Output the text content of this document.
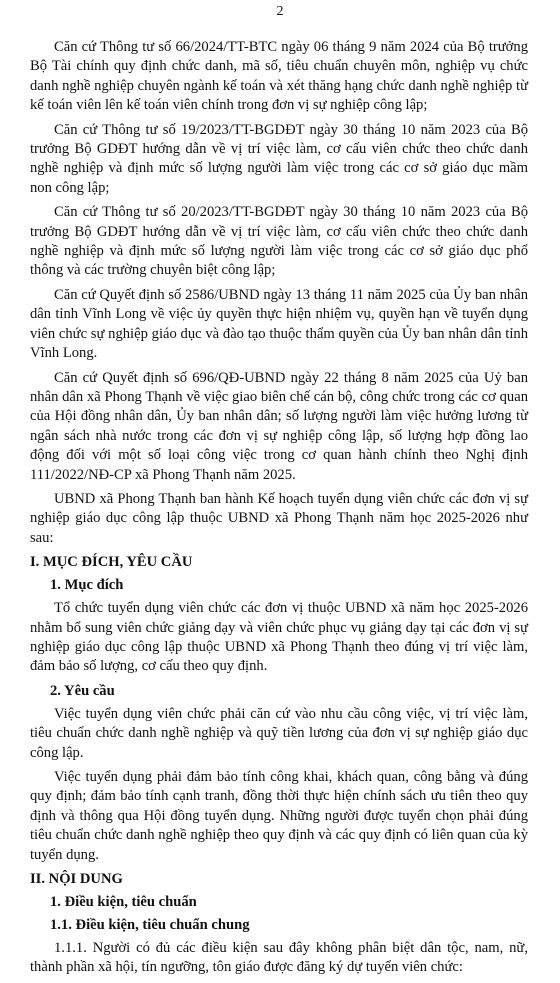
2

Căn cứ Thông tư số 66/2024/TT-BTC ngày 06 tháng 9 năm 2024 của Bộ trưởng Bộ Tài chính quy định chức danh, mã số, tiêu chuẩn chuyên môn, nghiệp vụ chức danh nghề nghiệp chuyên ngành kế toán và xét thăng hạng chức danh nghề nghiệp từ kế toán viên lên kế toán viên chính trong đơn vị sự nghiệp công lập;

Căn cứ Thông tư số 19/2023/TT-BGDĐT ngày 30 tháng 10 năm 2023 của Bộ trưởng Bộ GDĐT hướng dẫn về vị trí việc làm, cơ cấu viên chức theo chức danh nghề nghiệp và định mức số lượng người làm việc trong các cơ sở giáo dục mầm non công lập;

Căn cứ Thông tư số 20/2023/TT-BGDĐT ngày 30 tháng 10 năm 2023 của Bộ trưởng Bộ GDĐT hướng dẫn về vị trí việc làm, cơ cấu viên chức theo chức danh nghề nghiệp và định mức số lượng người làm việc trong các cơ sở giáo dục phổ thông và các trường chuyên biệt công lập;

Căn cứ Quyết định số 2586/UBND ngày 13 tháng 11 năm 2025 của Ủy ban nhân dân tỉnh Vĩnh Long về việc ủy quyền thực hiện nhiệm vụ, quyền hạn về tuyển dụng viên chức sự nghiệp giáo dục và đào tạo thuộc thẩm quyền của Ủy ban nhân dân tỉnh Vĩnh Long.

Căn cứ Quyết định số 696/QĐ-UBND ngày 22 tháng 8 năm 2025 của Uỷ ban nhân dân xã Phong Thạnh về việc giao biên chế cán bộ, công chức trong các cơ quan của Hội đồng nhân dân, Ủy ban nhân dân; số lượng người làm việc hưởng lương từ ngân sách nhà nước trong các đơn vị sự nghiệp công lập, số lượng hợp đồng lao động đối với một số loại công việc trong cơ quan hành chính theo Nghị định 111/2022/NĐ-CP xã Phong Thạnh năm 2025.

UBND xã Phong Thạnh ban hành Kế hoạch tuyển dụng viên chức các đơn vị sự nghiệp giáo dục công lập thuộc UBND xã Phong Thạnh năm học 2025-2026 như sau:

I. MỤC ĐÍCH, YÊU CẦU
1. Mục đích

Tổ chức tuyển dụng viên chức các đơn vị thuộc UBND xã năm học 2025-2026 nhằm bổ sung viên chức giảng dạy và viên chức phục vụ giảng dạy tại các đơn vị sự nghiệp giáo dục công lập thuộc UBND xã Phong Thạnh theo đúng vị trí việc làm, đảm bảo số lượng, cơ cấu theo quy định.

2. Yêu cầu

Việc tuyển dụng viên chức phải căn cứ vào nhu cầu công việc, vị trí việc làm, tiêu chuẩn chức danh nghề nghiệp và quỹ tiền lương của đơn vị sự nghiệp giáo dục công lập.

Việc tuyển dụng phải đảm bảo tính công khai, khách quan, công bằng và đúng quy định; đảm bảo tính cạnh tranh, đồng thời thực hiện chính sách ưu tiên theo quy định và thông qua Hội đồng tuyển dụng. Những người được tuyển chọn phải đúng tiêu chuẩn chức danh nghề nghiệp theo quy định và các quy định có liên quan của kỳ tuyển dụng.

II. NỘI DUNG
1. Điều kiện, tiêu chuẩn
1.1. Điều kiện, tiêu chuẩn chung

1.1.1. Người có đủ các điều kiện sau đây không phân biệt dân tộc, nam, nữ, thành phần xã hội, tín ngưỡng, tôn giáo được đăng ký dự tuyển viên chức:
